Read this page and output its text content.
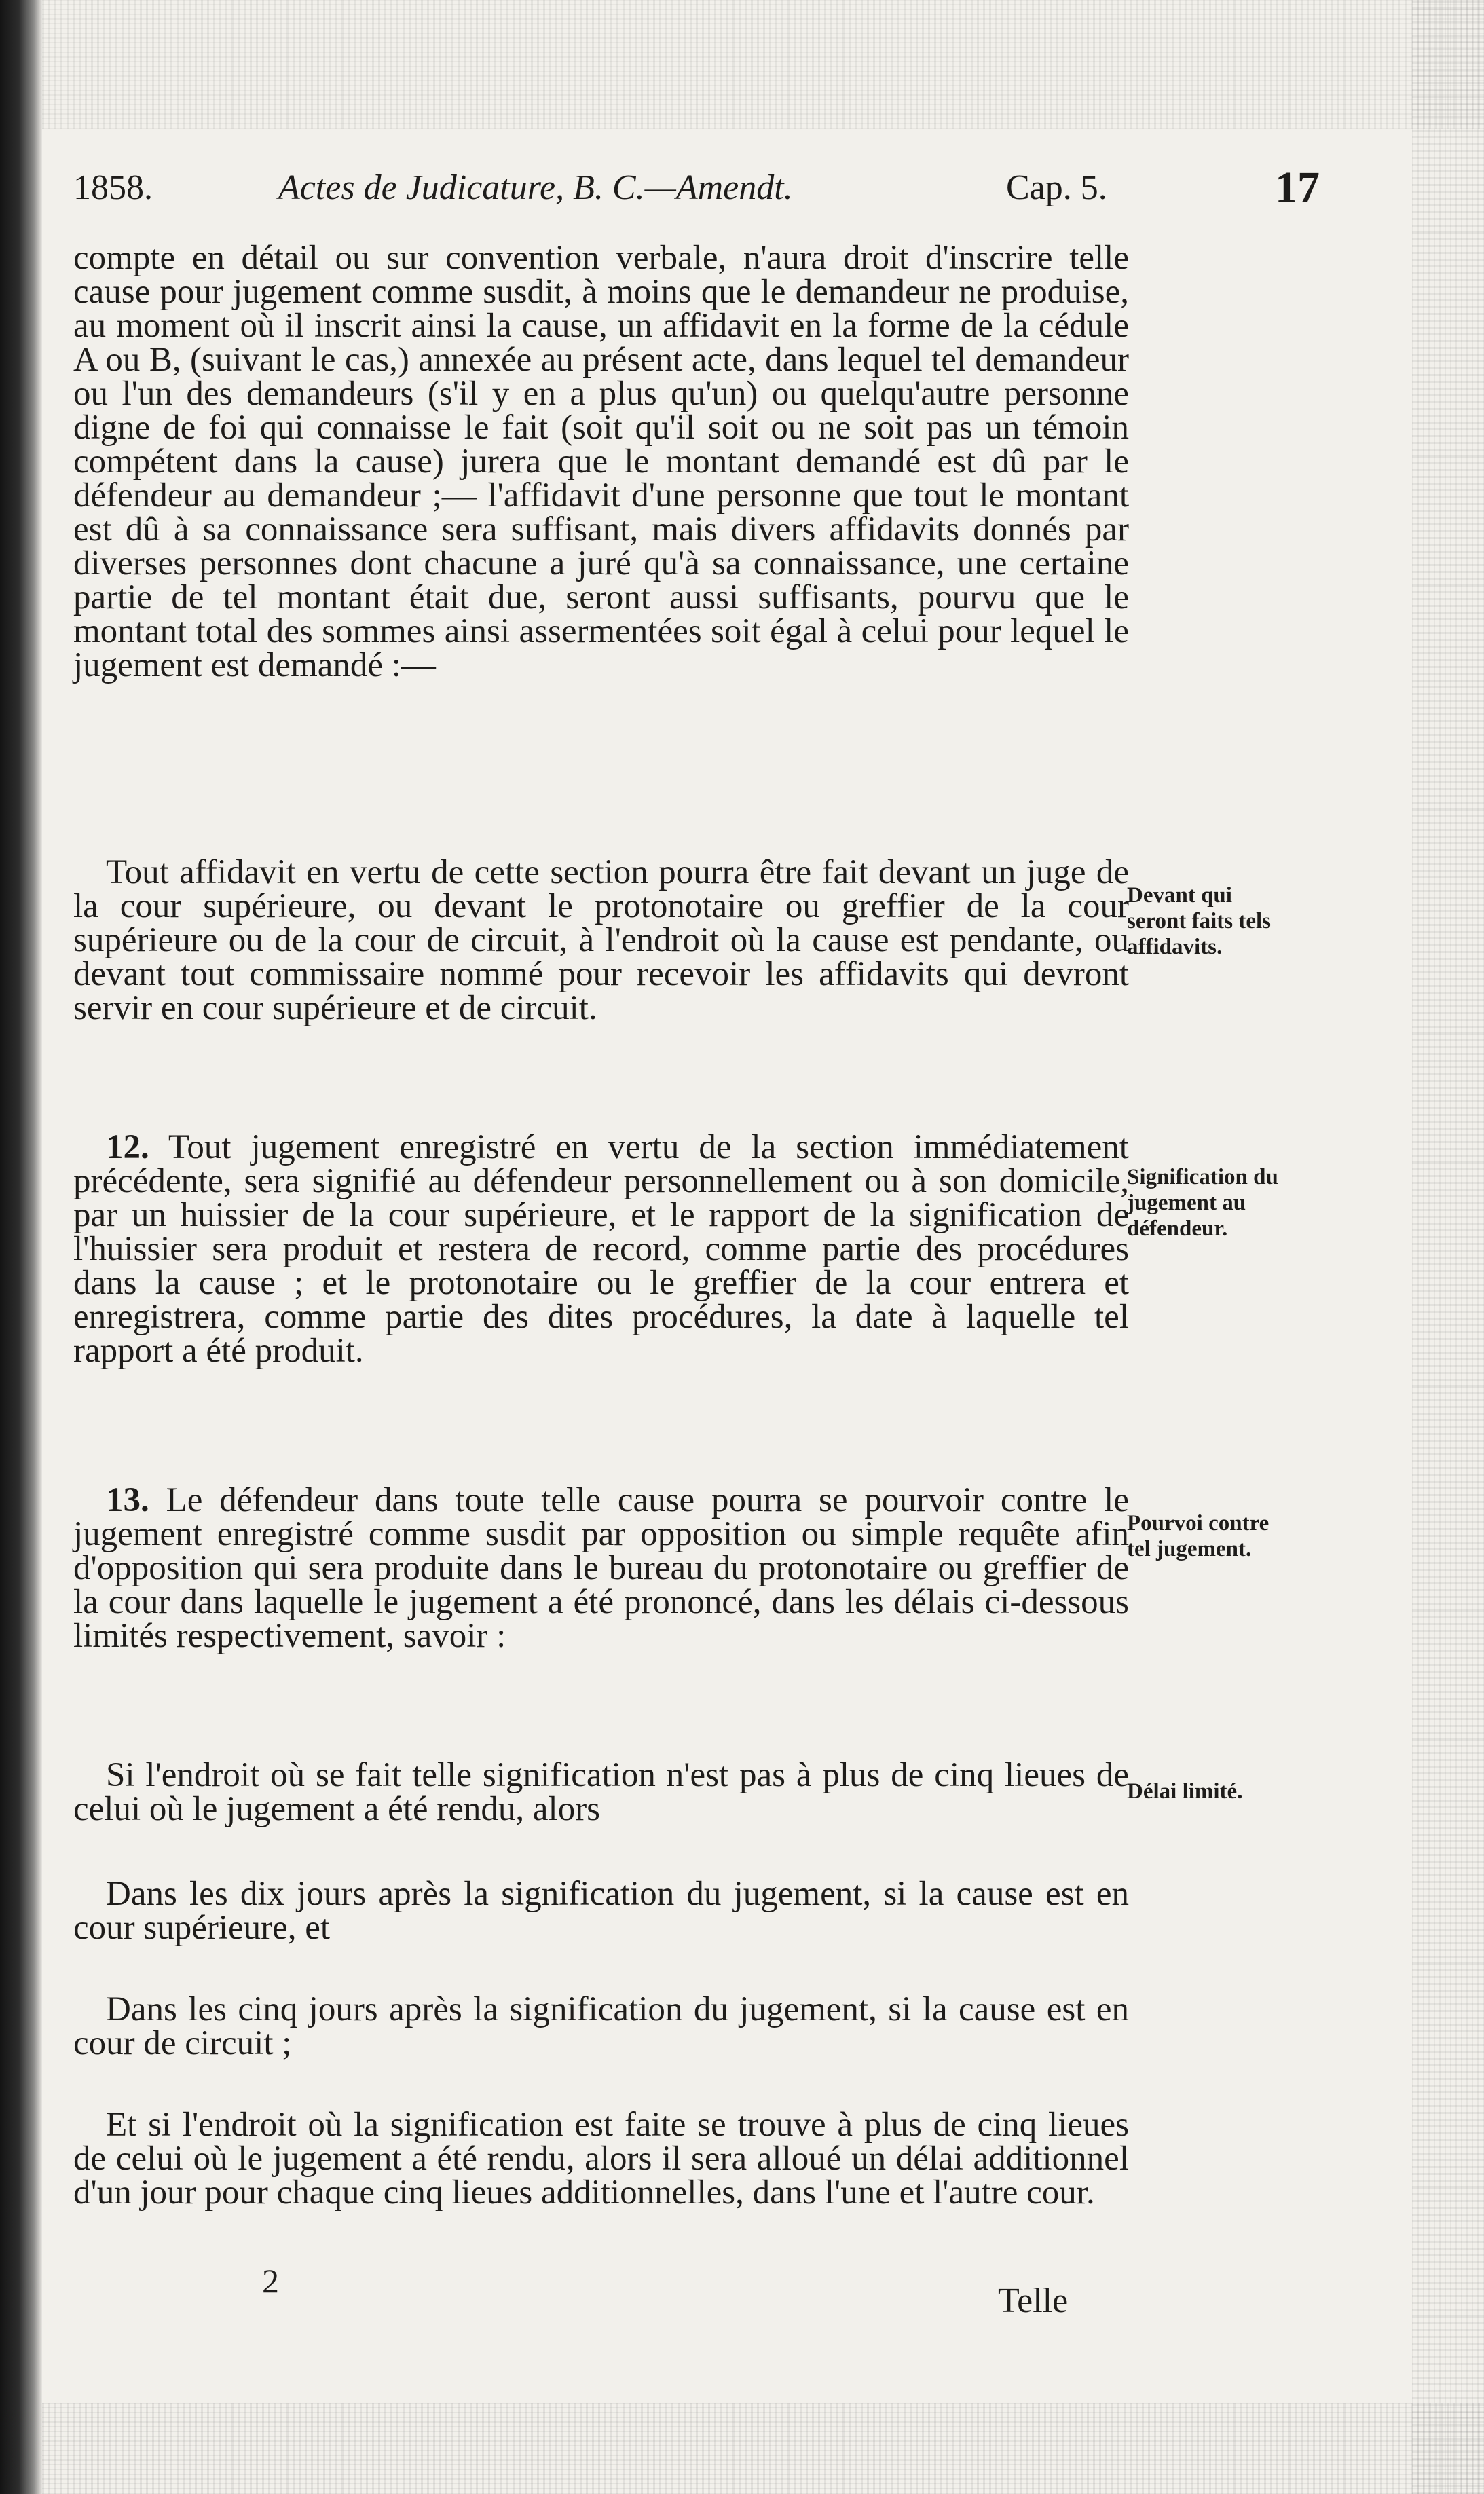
1858.	Actes de Judicature, B. C.—Amendt.	Cap. 5.	17
compte en détail ou sur convention verbale, n'aura droit d'inscrire telle cause pour jugement comme susdit, à moins que le demandeur ne produise, au moment où il inscrit ainsi la cause, un affidavit en la forme de la cédule A ou B, (suivant le cas,) annexée au présent acte, dans lequel tel demandeur ou l'un des demandeurs (s'il y en a plus qu'un) ou quelqu'autre personne digne de foi qui connaisse le fait (soit qu'il soit ou ne soit pas un témoin compétent dans la cause) jurera que le montant demandé est dû par le défendeur au demandeur ;— l'affidavit d'une personne que tout le montant est dû à sa connaissance sera suffisant, mais divers affidavits donnés par diverses personnes dont chacune a juré qu'à sa connaissance, une certaine partie de tel montant était due, seront aussi suffisants, pourvu que le montant total des sommes ainsi assermentées soit égal à celui pour lequel le jugement est demandé :—
Tout affidavit en vertu de cette section pourra être fait devant un juge de la cour supérieure, ou devant le protonotaire ou greffier de la cour supérieure ou de la cour de circuit, à l'endroit où la cause est pendante, ou devant tout commissaire nommé pour recevoir les affidavits qui devront servir en cour supérieure et de circuit.
Devant qui seront faits tels affidavits.
12. Tout jugement enregistré en vertu de la section immédiatement précédente, sera signifié au défendeur personnellement ou à son domicile, par un huissier de la cour supérieure, et le rapport de la signification de l'huissier sera produit et restera de record, comme partie des procédures dans la cause ; et le protonotaire ou le greffier de la cour entrera et enregistrera, comme partie des dites procédures, la date à laquelle tel rapport a été produit.
Signification du jugement au défendeur.
13. Le défendeur dans toute telle cause pourra se pourvoir contre le jugement enregistré comme susdit par opposition ou simple requête afin d'opposition qui sera produite dans le bureau du protonotaire ou greffier de la cour dans laquelle le jugement a été prononcé, dans les délais ci-dessous limités respectivement, savoir :
Pourvoi contre tel jugement.
Si l'endroit où se fait telle signification n'est pas à plus de cinq lieues de celui où le jugement a été rendu, alors	Délai limité.
Dans les dix jours après la signification du jugement, si la cause est en cour supérieure, et
Dans les cinq jours après la signification du jugement, si la cause est en cour de circuit ;
Et si l'endroit où la signification est faite se trouve à plus de cinq lieues de celui où le jugement a été rendu, alors il sera alloué un délai additionnel d'un jour pour chaque cinq lieues additionnelles, dans l'une et l'autre cour.
2
Telle
